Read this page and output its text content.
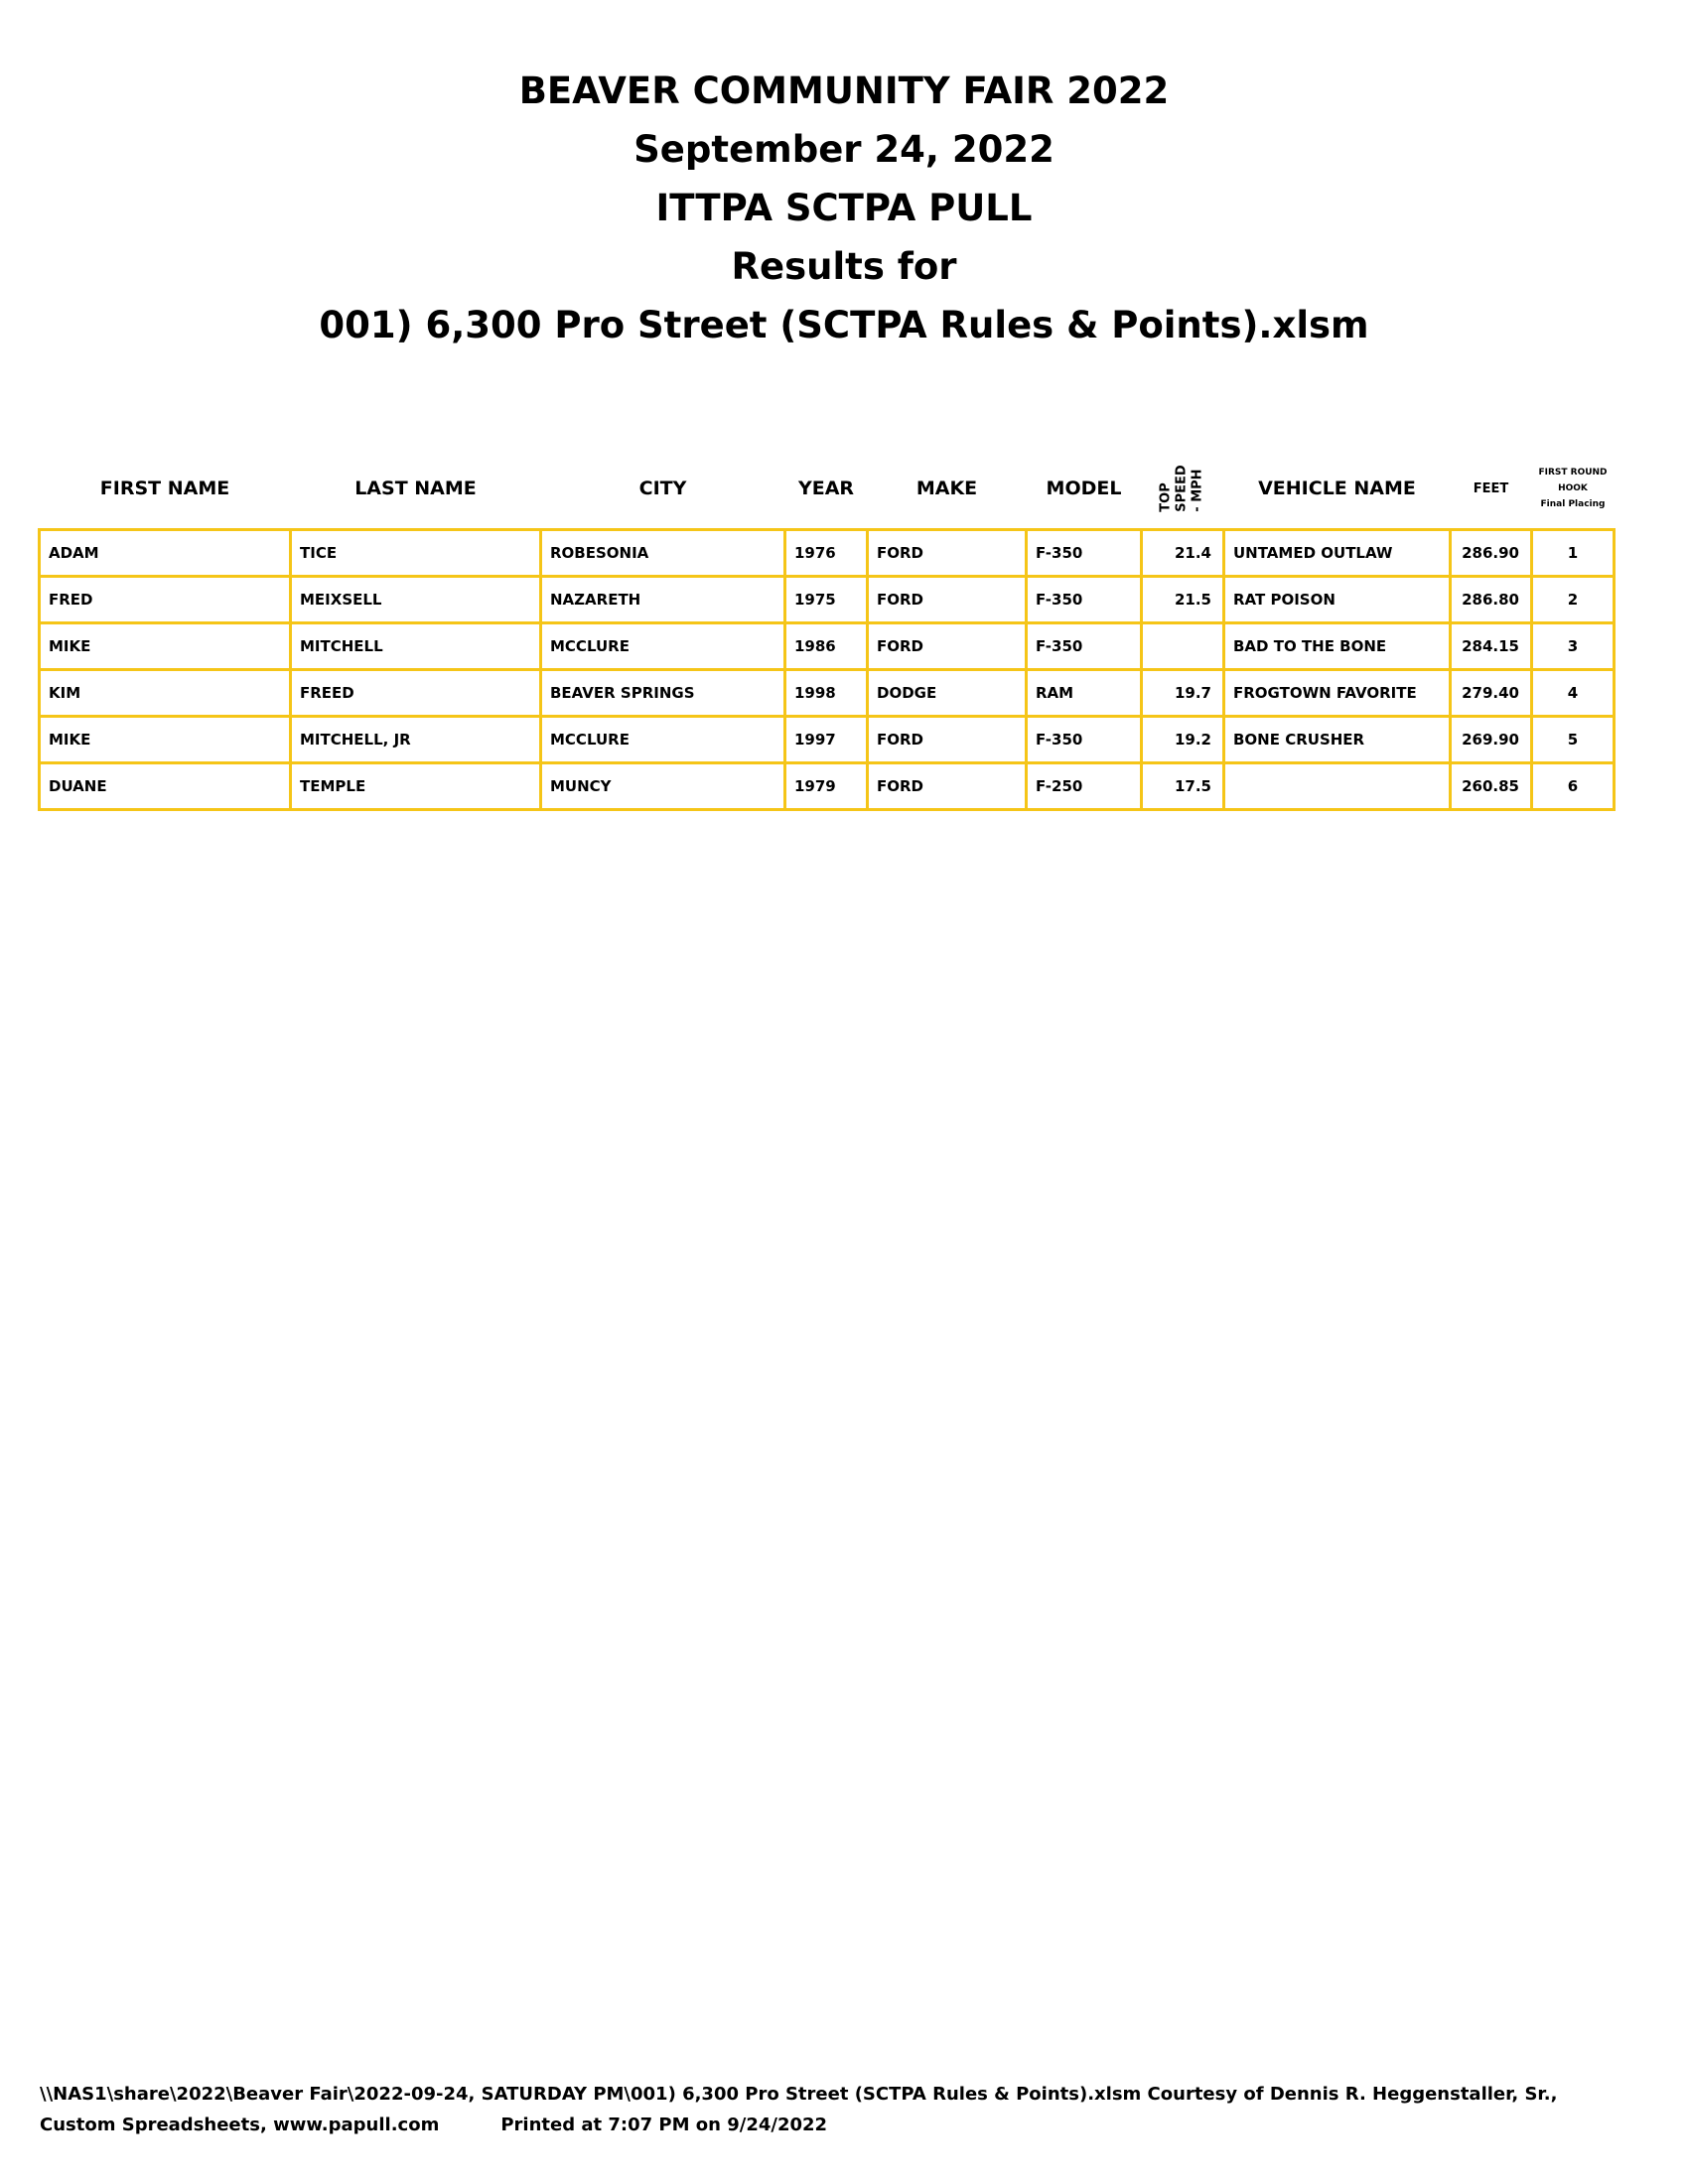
BEAVER COMMUNITY FAIR 2022
September 24, 2022
ITTPA SCTPA PULL
Results for
001) 6,300 Pro Street (SCTPA Rules & Points).xlsm
FIRST NAME	LAST NAME	CITY	YEAR	MAKE	MODEL	TOP
SPEED
- MPH	VEHICLE NAME	FEET	FIRST ROUND
HOOK
Final Placing
ADAM	TICE	ROBESONIA	1976	FORD	F-350	21.4	UNTAMED OUTLAW	286.90	1
FRED	MEIXSELL	NAZARETH	1975	FORD	F-350	21.5	RAT POISON	286.80	2
MIKE	MITCHELL	MCCLURE	1986	FORD	F-350		BAD TO THE BONE	284.15	3
KIM	FREED	BEAVER SPRINGS	1998	DODGE	RAM	19.7	FROGTOWN FAVORITE	279.40	4
MIKE	MITCHELL, JR	MCCLURE	1997	FORD	F-350	19.2	BONE CRUSHER	269.90	5
DUANE	TEMPLE	MUNCY	1979	FORD	F-250	17.5		260.85	6
\\NAS1\share\2022\Beaver Fair\2022-09-24, SATURDAY PM\001) 6,300 Pro Street (SCTPA Rules & Points).xlsm Courtesy of Dennis R. Heggenstaller, Sr.,
Custom Spreadsheets, www.papull.com	Printed at 7:07 PM on 9/24/2022
